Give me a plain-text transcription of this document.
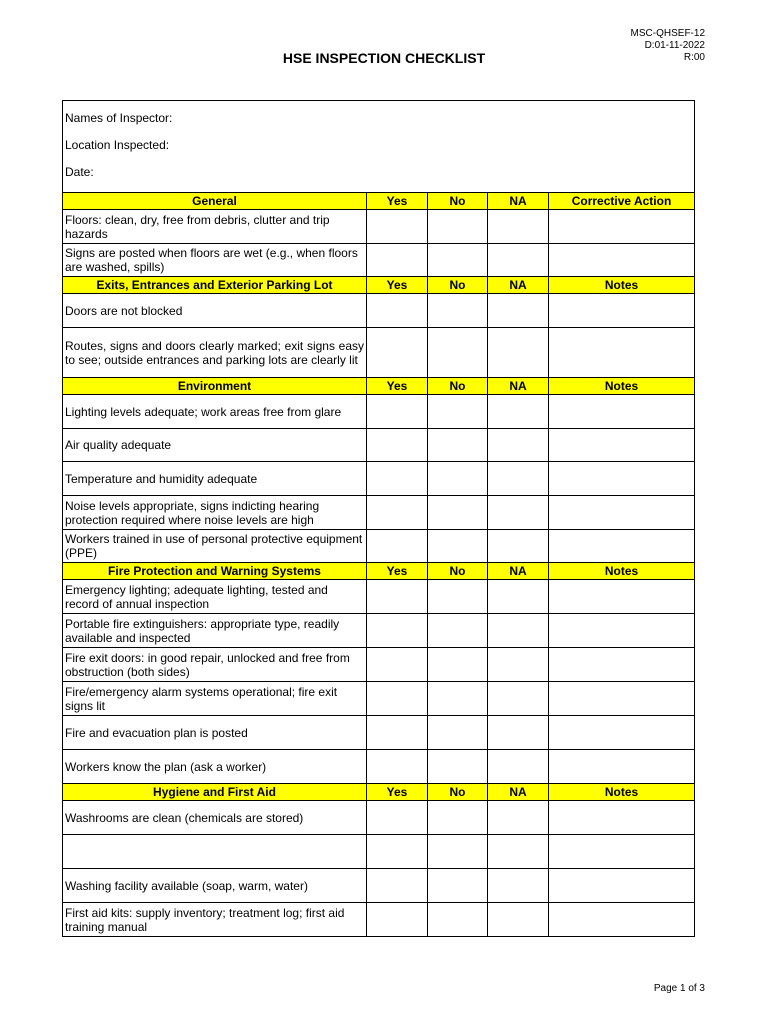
MSC-QHSEF-12
D:01-11-2022
R:00
HSE INSPECTION CHECKLIST
Names of Inspector:
Location Inspected:
Date:				

General	Yes	No	NA	Corrective Action
Floors: clean, dry, free from debris, clutter and trip hazards				
Signs are posted when floors are wet (e.g., when floors are washed, spills)				
Exits, Entrances and Exterior Parking Lot	Yes	No	NA	Notes
Doors are not blocked				
Routes, signs and doors clearly marked; exit signs easy to see; outside entrances and parking lots are clearly lit				
Environment	Yes	No	NA	Notes
Lighting levels adequate; work areas free from glare				
Air quality adequate				
Temperature and humidity adequate				
Noise levels appropriate, signs indicting hearing protection required where noise levels are high				
Workers trained in use of personal protective equipment (PPE)				
Fire Protection and Warning Systems	Yes	No	NA	Notes
Emergency lighting; adequate lighting, tested and record of annual inspection				
Portable fire extinguishers: appropriate type, readily available and inspected				
Fire exit doors: in good repair, unlocked and free from obstruction (both sides)				
Fire/emergency alarm systems operational; fire exit signs lit				
Fire and evacuation plan is posted				
Workers know the plan (ask a worker)				
Hygiene and First Aid	Yes	No	NA	Notes
Washrooms are clean (chemicals are stored)				

Washing facility available (soap, warm, water)				
First aid kits: supply inventory; treatment log; first aid training manual				
Page 1 of 3
